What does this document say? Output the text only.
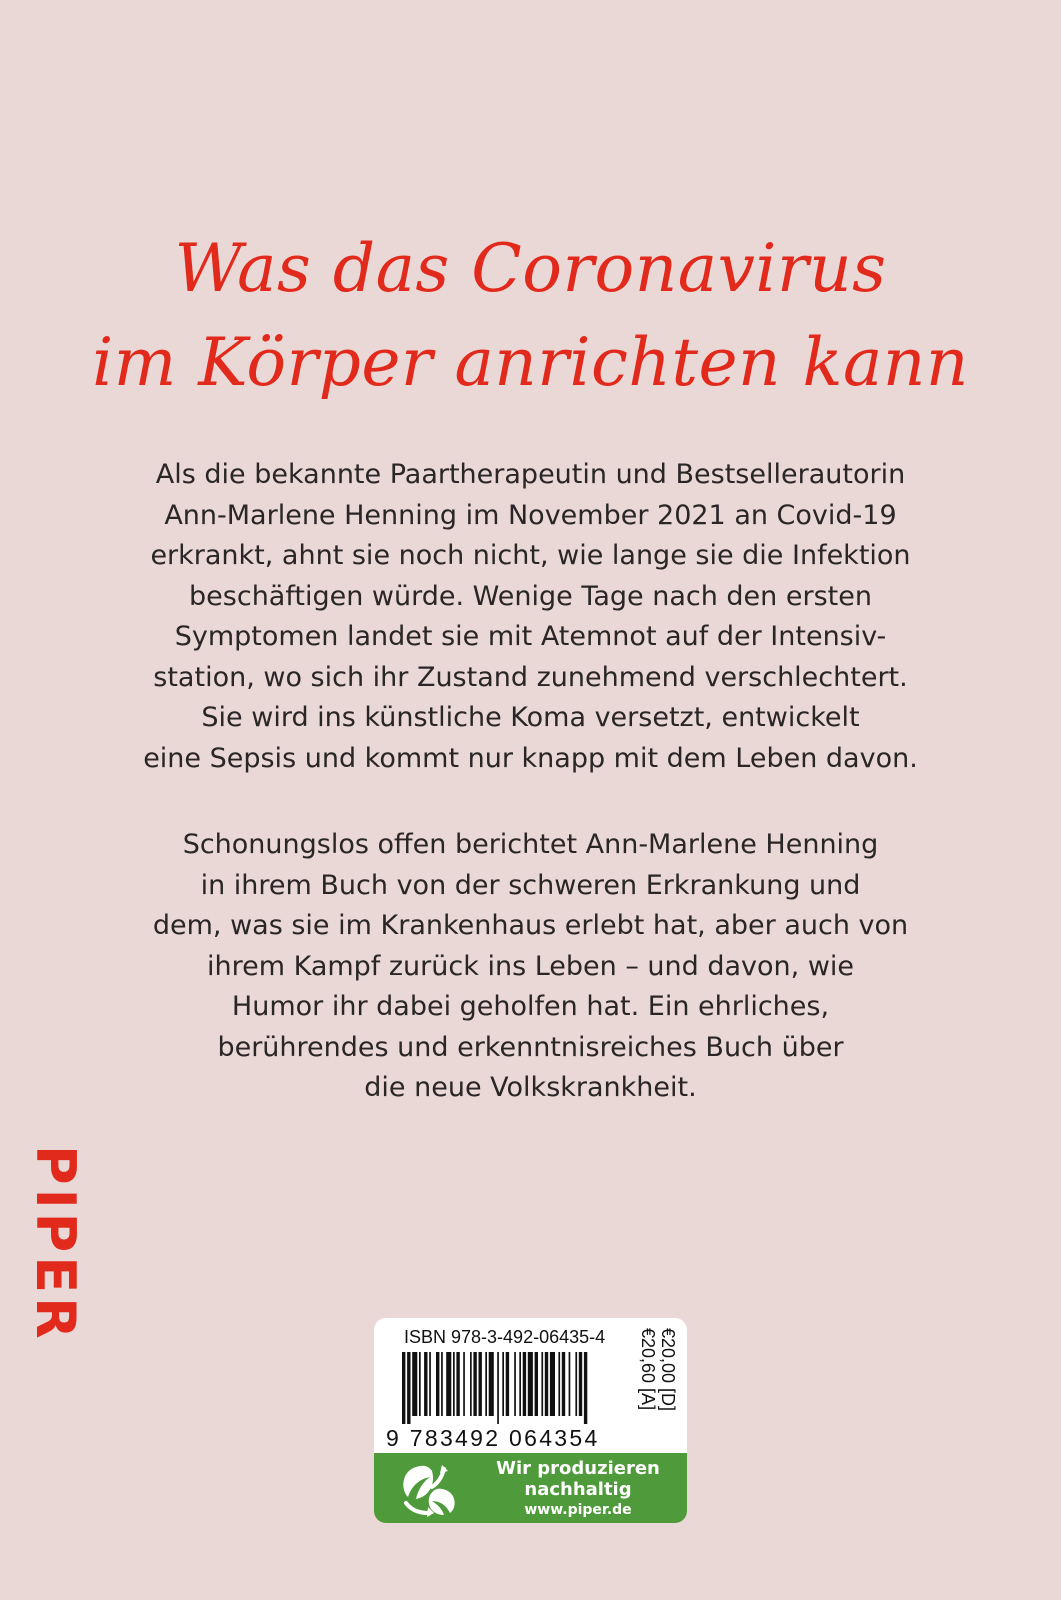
Was das Coronavirus
im Körper anrichten kann
Als die bekannte Paartherapeutin und Bestsellerautorin
Ann-Marlene Henning im November 2021 an Covid-19
erkrankt, ahnt sie noch nicht, wie lange sie die Infektion
beschäftigen würde. Wenige Tage nach den ersten
Symptomen landet sie mit Atemnot auf der Intensiv-
station, wo sich ihr Zustand zunehmend verschlechtert.
Sie wird ins künstliche Koma versetzt, entwickelt
eine Sepsis und kommt nur knapp mit dem Leben davon.
Schonungslos offen berichtet Ann-Marlene Henning
in ihrem Buch von der schweren Erkrankung und
dem, was sie im Krankenhaus erlebt hat, aber auch von
ihrem Kampf zurück ins Leben – und davon, wie
Humor ihr dabei geholfen hat. Ein ehrliches,
berührendes und erkenntnisreiches Buch über
die neue Volkskrankheit.
PIPER	ISBN 978-3-492-06435-4
9 783492 064354
€20,00 [D]
€20,60 [A]
Wir produzieren
nachhaltig
www.piper.de
